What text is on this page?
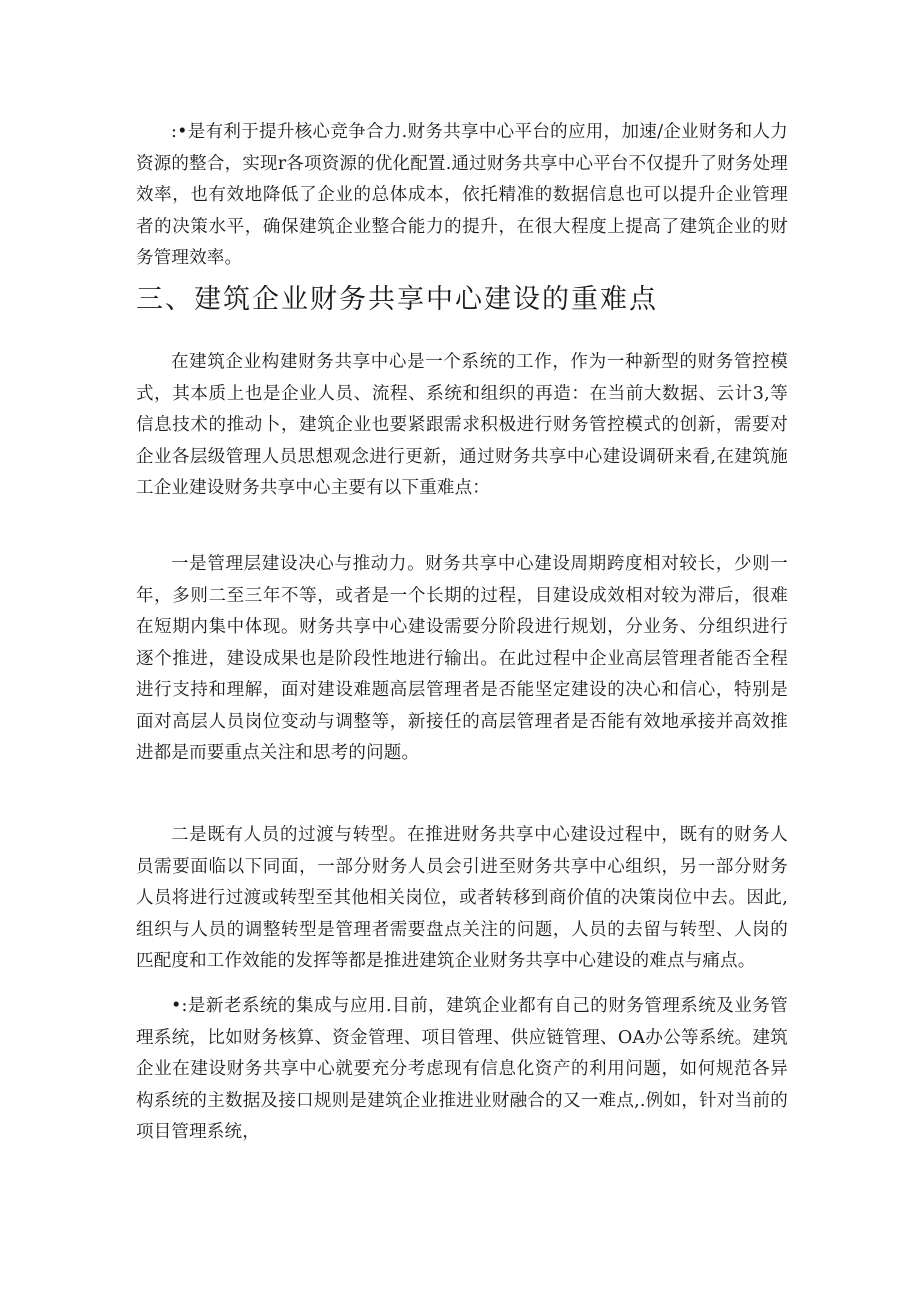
:•是有利于提升核心竞争合力.财务共享中心平台的应用，加速/企业财务和人力资源的整合，实现r各项资源的优化配置.通过财务共享中心平台不仅提升了财务处理效率，也有效地降低了企业的总体成本，依托精准的数据信息也可以提升企业管理者的决策水平，确保建筑企业整合能力的提升，在很大程度上提高了建筑企业的财务管理效率。

三、建筑企业财务共享中心建设的重难点

在建筑企业构建财务共享中心是一个系统的工作，作为一种新型的财务管控模式，其本质上也是企业人员、流程、系统和组织的再造：在当前大数据、云计3,等信息技术的推动卜，建筑企业也要紧跟需求积极进行财务管控模式的创新，需要对企业各层级管理人员思想观念进行更新，通过财务共享中心建设调研来看,在建筑施工企业建设财务共享中心主要有以下重难点：

一是管理层建设决心与推动力。财务共享中心建设周期跨度相对较长，少则一年，多则二至三年不等，或者是一个长期的过程，目建设成效相对较为滞后，很难在短期内集中体现。财务共享中心建设需要分阶段进行规划，分业务、分组织进行逐个推进，建设成果也是阶段性地进行输出。在此过程中企业高层管理者能否全程进行支持和理解，面对建设难题高层管理者是否能坚定建设的决心和信心，特别是面对高层人员岗位变动与调整等，新接任的高层管理者是否能有效地承接并高效推进都是而要重点关注和思考的问题。

二是既有人员的过渡与转型。在推进财务共享中心建设过程中，既有的财务人员需要面临以下同面，一部分财务人员会引进至财务共享中心组织，另一部分财务人员将进行过渡或转型至其他相关岗位，或者转移到商价值的决策岗位中去。因此,组织与人员的调整转型是管理者需要盘点关注的问题，人员的去留与转型、人岗的匹配度和工作效能的发挥等都是推进建筑企业财务共享中心建设的难点与痛点。

•:是新老系统的集成与应用.目前，建筑企业都有自己的财务管理系统及业务管理系统，比如财务核算、资金管理、项目管理、供应链管理、OA办公等系统。建筑企业在建设财务共享中心就要充分考虑现有信息化资产的利用问题，如何规范各异构系统的主数据及接口规则是建筑企业推进业财融合的又一难点,.例如，针对当前的项目管理系统，
